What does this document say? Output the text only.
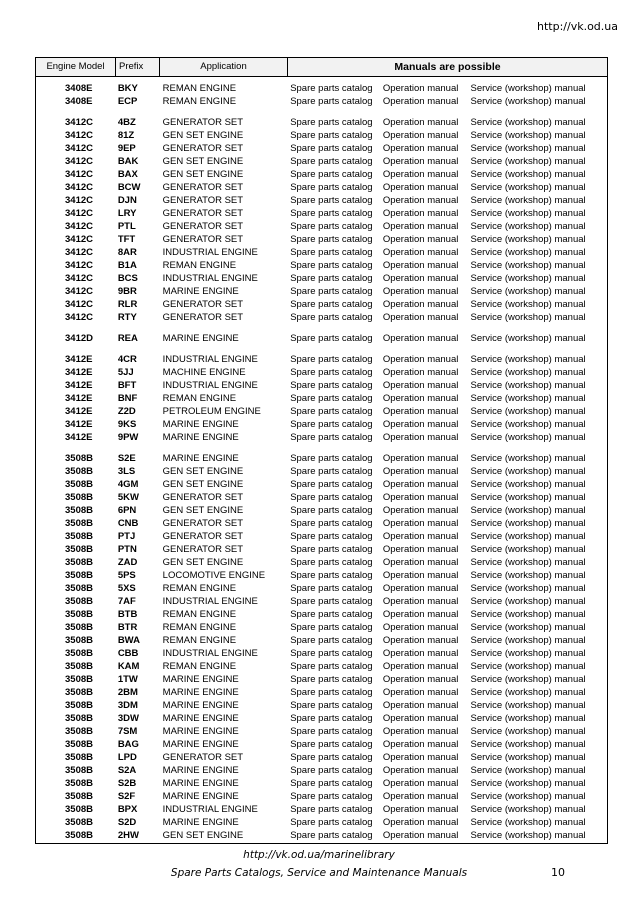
http://vk.od.ua
Engine Model	Prefix	Application	Manuals are possible
3408E	BKY	REMAN ENGINE	Spare parts catalog	Operation manual	Service (workshop) manual
3408E	ECP	REMAN ENGINE	Spare parts catalog	Operation manual	Service (workshop) manual
3412C	4BZ	GENERATOR SET	Spare parts catalog	Operation manual	Service (workshop) manual
3412C	81Z	GEN SET ENGINE	Spare parts catalog	Operation manual	Service (workshop) manual
3412C	9EP	GENERATOR SET	Spare parts catalog	Operation manual	Service (workshop) manual
3412C	BAK	GEN SET ENGINE	Spare parts catalog	Operation manual	Service (workshop) manual
3412C	BAX	GEN SET ENGINE	Spare parts catalog	Operation manual	Service (workshop) manual
3412C	BCW	GENERATOR SET	Spare parts catalog	Operation manual	Service (workshop) manual
3412C	DJN	GENERATOR SET	Spare parts catalog	Operation manual	Service (workshop) manual
3412C	LRY	GENERATOR SET	Spare parts catalog	Operation manual	Service (workshop) manual
3412C	PTL	GENERATOR SET	Spare parts catalog	Operation manual	Service (workshop) manual
3412C	TFT	GENERATOR SET	Spare parts catalog	Operation manual	Service (workshop) manual
3412C	8AR	INDUSTRIAL ENGINE	Spare parts catalog	Operation manual	Service (workshop) manual
3412C	B1A	REMAN ENGINE	Spare parts catalog	Operation manual	Service (workshop) manual
3412C	BCS	INDUSTRIAL ENGINE	Spare parts catalog	Operation manual	Service (workshop) manual
3412C	9BR	MARINE ENGINE	Spare parts catalog	Operation manual	Service (workshop) manual
3412C	RLR	GENERATOR SET	Spare parts catalog	Operation manual	Service (workshop) manual
3412C	RTY	GENERATOR SET	Spare parts catalog	Operation manual	Service (workshop) manual
3412D	REA	MARINE ENGINE	Spare parts catalog	Operation manual	Service (workshop) manual
3412E	4CR	INDUSTRIAL ENGINE	Spare parts catalog	Operation manual	Service (workshop) manual
3412E	5JJ	MACHINE ENGINE	Spare parts catalog	Operation manual	Service (workshop) manual
3412E	BFT	INDUSTRIAL ENGINE	Spare parts catalog	Operation manual	Service (workshop) manual
3412E	BNF	REMAN ENGINE	Spare parts catalog	Operation manual	Service (workshop) manual
3412E	Z2D	PETROLEUM ENGINE	Spare parts catalog	Operation manual	Service (workshop) manual
3412E	9KS	MARINE ENGINE	Spare parts catalog	Operation manual	Service (workshop) manual
3412E	9PW	MARINE ENGINE	Spare parts catalog	Operation manual	Service (workshop) manual
3508B	S2E	MARINE ENGINE	Spare parts catalog	Operation manual	Service (workshop) manual
3508B	3LS	GEN SET ENGINE	Spare parts catalog	Operation manual	Service (workshop) manual
3508B	4GM	GEN SET ENGINE	Spare parts catalog	Operation manual	Service (workshop) manual
3508B	5KW	GENERATOR SET	Spare parts catalog	Operation manual	Service (workshop) manual
3508B	6PN	GEN SET ENGINE	Spare parts catalog	Operation manual	Service (workshop) manual
3508B	CNB	GENERATOR SET	Spare parts catalog	Operation manual	Service (workshop) manual
3508B	PTJ	GENERATOR SET	Spare parts catalog	Operation manual	Service (workshop) manual
3508B	PTN	GENERATOR SET	Spare parts catalog	Operation manual	Service (workshop) manual
3508B	ZAD	GEN SET ENGINE	Spare parts catalog	Operation manual	Service (workshop) manual
3508B	5PS	LOCOMOTIVE ENGINE	Spare parts catalog	Operation manual	Service (workshop) manual
3508B	5XS	REMAN ENGINE	Spare parts catalog	Operation manual	Service (workshop) manual
3508B	7AF	INDUSTRIAL ENGINE	Spare parts catalog	Operation manual	Service (workshop) manual
3508B	BTB	REMAN ENGINE	Spare parts catalog	Operation manual	Service (workshop) manual
3508B	BTR	REMAN ENGINE	Spare parts catalog	Operation manual	Service (workshop) manual
3508B	BWA	REMAN ENGINE	Spare parts catalog	Operation manual	Service (workshop) manual
3508B	CBB	INDUSTRIAL ENGINE	Spare parts catalog	Operation manual	Service (workshop) manual
3508B	KAM	REMAN ENGINE	Spare parts catalog	Operation manual	Service (workshop) manual
3508B	1TW	MARINE ENGINE	Spare parts catalog	Operation manual	Service (workshop) manual
3508B	2BM	MARINE ENGINE	Spare parts catalog	Operation manual	Service (workshop) manual
3508B	3DM	MARINE ENGINE	Spare parts catalog	Operation manual	Service (workshop) manual
3508B	3DW	MARINE ENGINE	Spare parts catalog	Operation manual	Service (workshop) manual
3508B	7SM	MARINE ENGINE	Spare parts catalog	Operation manual	Service (workshop) manual
3508B	BAG	MARINE ENGINE	Spare parts catalog	Operation manual	Service (workshop) manual
3508B	LPD	GENERATOR SET	Spare parts catalog	Operation manual	Service (workshop) manual
3508B	S2A	MARINE ENGINE	Spare parts catalog	Operation manual	Service (workshop) manual
3508B	S2B	MARINE ENGINE	Spare parts catalog	Operation manual	Service (workshop) manual
3508B	S2F	MARINE ENGINE	Spare parts catalog	Operation manual	Service (workshop) manual
3508B	BPX	INDUSTRIAL ENGINE	Spare parts catalog	Operation manual	Service (workshop) manual
3508B	S2D	MARINE ENGINE	Spare parts catalog	Operation manual	Service (workshop) manual
3508B	2HW	GEN SET ENGINE	Spare parts catalog	Operation manual	Service (workshop) manual
http://vk.od.ua/marinelibrary
Spare Parts Catalogs, Service and Maintenance Manuals	10
